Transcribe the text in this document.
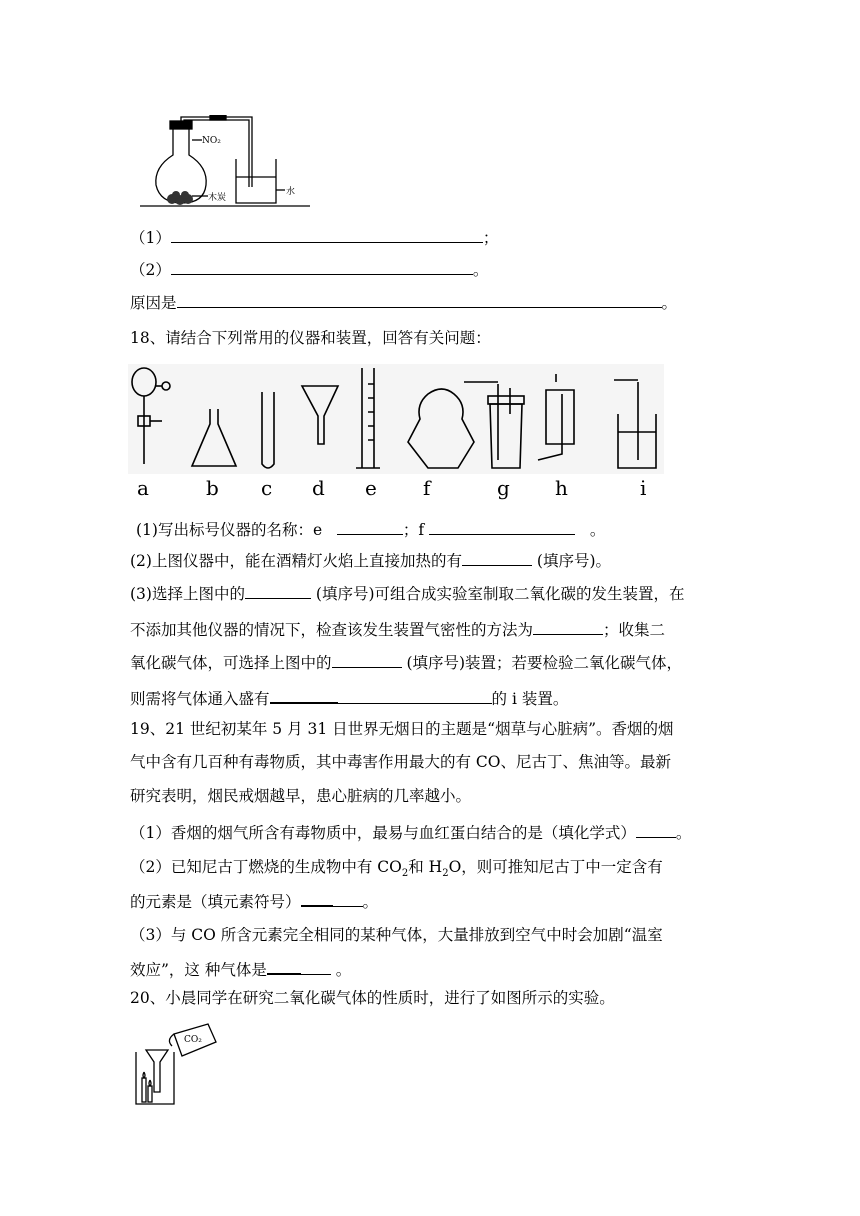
NO₂
木炭
水
（1）	；
（2）	。
原因是	。
18、请结合下列常用的仪器和装置，回答有关问题：
a	b c d e f	g h	i
(1)写出标号仪器的名称：e	；f	。
(2)上图仪器中，能在酒精灯火焰上直接加热的有	(填序号)。
(3)选择上图中的	(填序号)可组合成实验室制取二氧化碳的发生装置，在
不添加其他仪器的情况下，检查该发生装置气密性的方法为	；收集二
氧化碳气体，可选择上图中的	(填序号)装置；若要检验二氧化碳气体，
则需将气体通入盛有	的 i 装置。
19、21 世纪初某年 5 月 31 日世界无烟日的主题是“烟草与心脏病”。香烟的烟
气中含有几百种有毒物质，其中毒害作用最大的有 CO、尼古丁、焦油等。最新
研究表明，烟民戒烟越早，患心脏病的几率越小。
（1）香烟的烟气所含有毒物质中，最易与血红蛋白结合的是（填化学式）	。
（2）已知尼古丁燃烧的生成物中有 $CO_2$和 $H_2O$，则可推知尼古丁中一定含有
的元素是（填元素符号）	。
（3）与 CO 所含元素完全相同的某种气体，大量排放到空气中时会加剧“温室
效应”，这 种气体是	。
20、小晨同学在研究二氧化碳气体的性质时，进行了如图所示的实验。
CO₂
